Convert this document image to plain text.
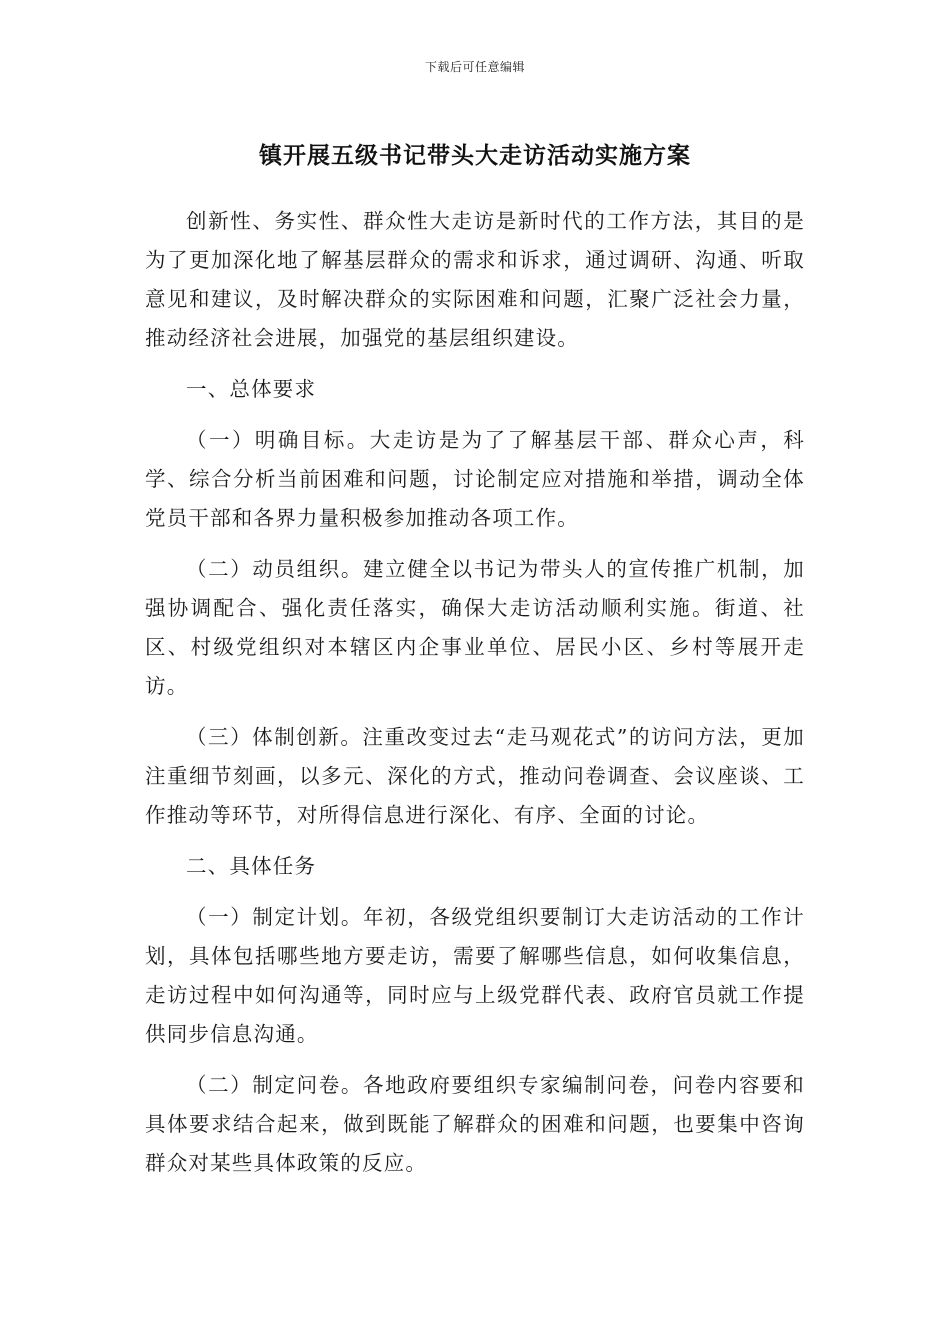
下载后可任意编辑
镇开展五级书记带头大走访活动实施方案

创新性、务实性、群众性大走访是新时代的工作方法，其目的是为了更加深化地了解基层群众的需求和诉求，通过调研、沟通、听取意见和建议，及时解决群众的实际困难和问题，汇聚广泛社会力量，推动经济社会进展，加强党的基层组织建设。

一、总体要求

（一）明确目标。大走访是为了了解基层干部、群众心声，科学、综合分析当前困难和问题，讨论制定应对措施和举措，调动全体党员干部和各界力量积极参加推动各项工作。

（二）动员组织。建立健全以书记为带头人的宣传推广机制，加强协调配合、强化责任落实，确保大走访活动顺利实施。街道、社区、村级党组织对本辖区内企事业单位、居民小区、乡村等展开走访。

（三）体制创新。注重改变过去“走马观花式”的访问方法，更加注重细节刻画，以多元、深化的方式，推动问卷调查、会议座谈、工作推动等环节，对所得信息进行深化、有序、全面的讨论。

二、具体任务

（一）制定计划。年初，各级党组织要制订大走访活动的工作计划，具体包括哪些地方要走访，需要了解哪些信息，如何收集信息，走访过程中如何沟通等，同时应与上级党群代表、政府官员就工作提供同步信息沟通。

（二）制定问卷。各地政府要组织专家编制问卷，问卷内容要和具体要求结合起来，做到既能了解群众的困难和问题，也要集中咨询群众对某些具体政策的反应。
